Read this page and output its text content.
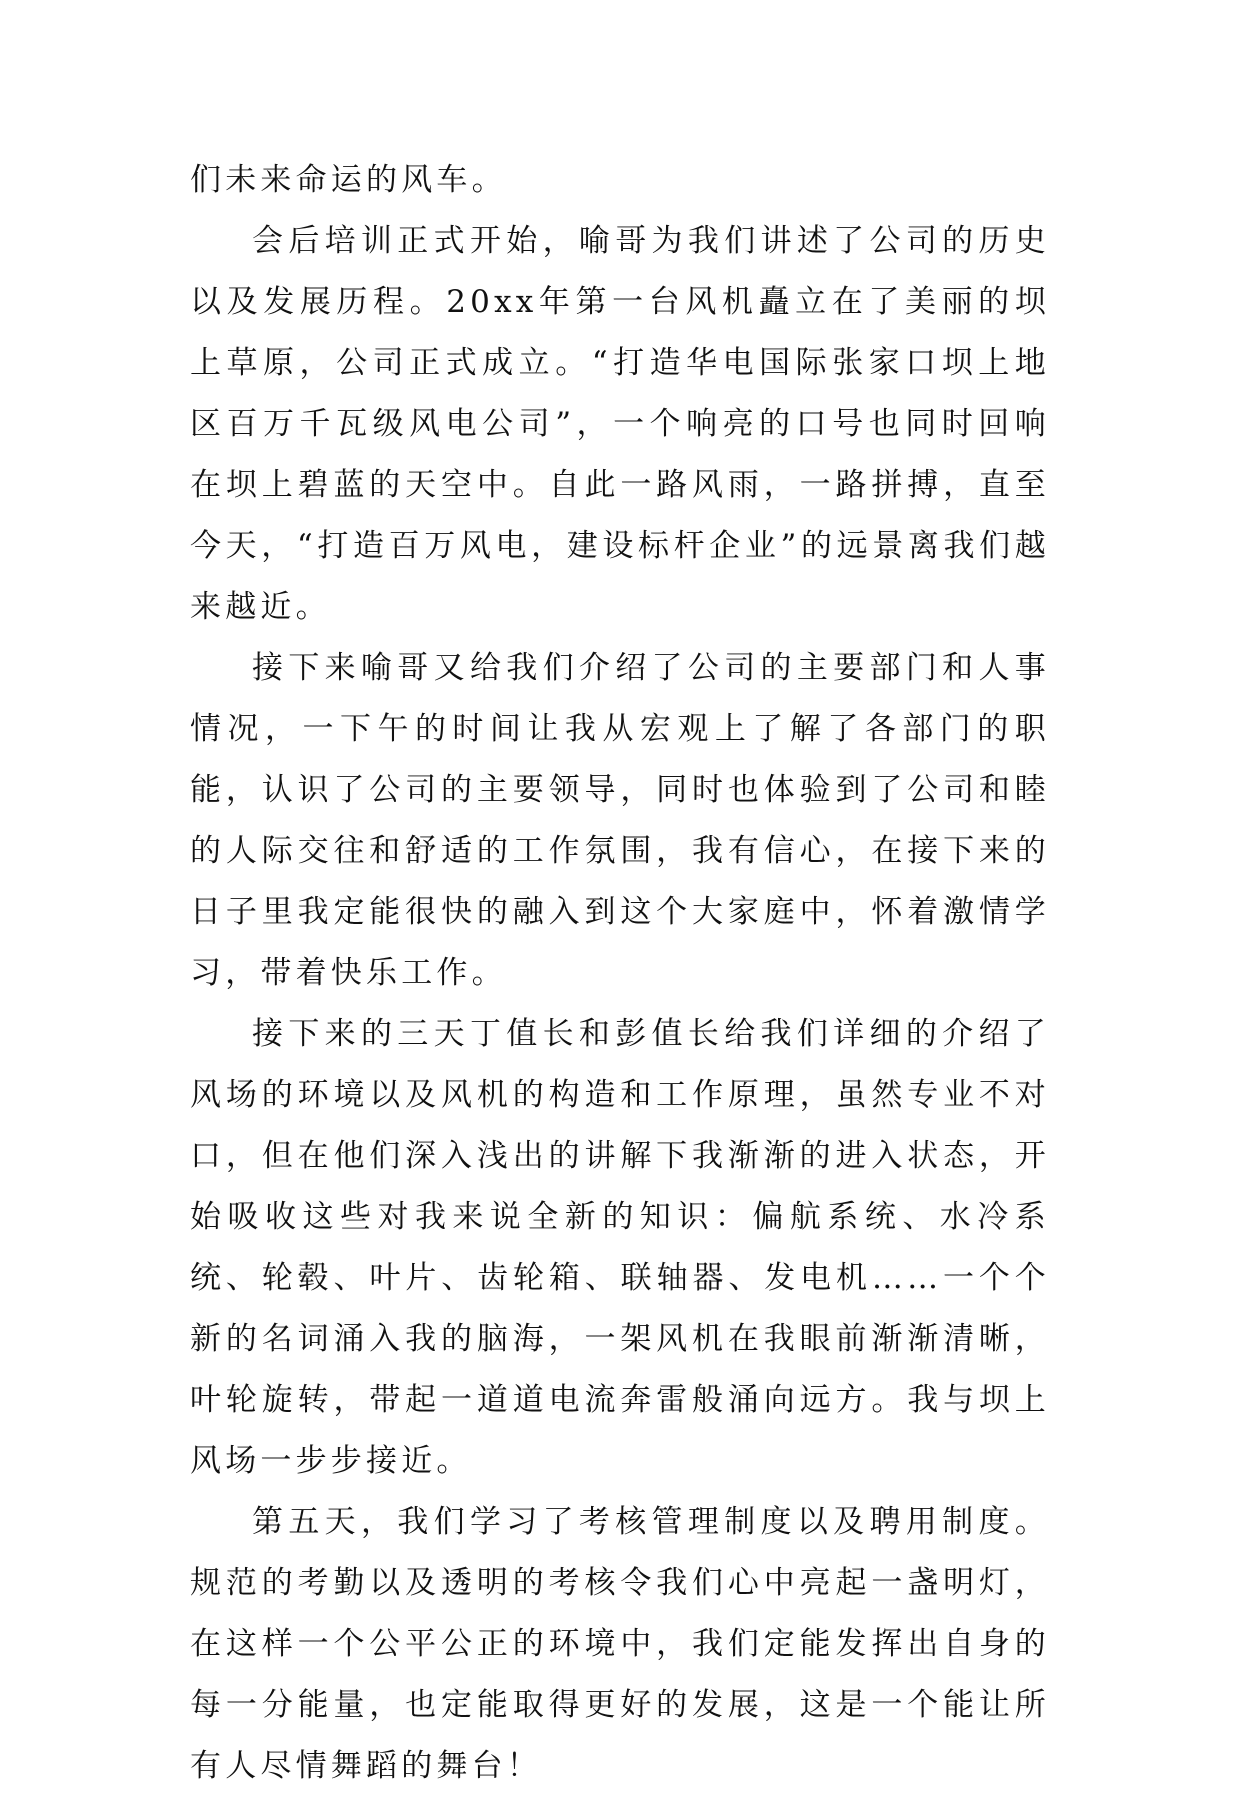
们未来命运的风车。

会后培训正式开始，喻哥为我们讲述了公司的历史以及发展历程。20xx年第一台风机矗立在了美丽的坝上草原，公司正式成立。“打造华电国际张家口坝上地区百万千瓦级风电公司”，一个响亮的口号也同时回响在坝上碧蓝的天空中。自此一路风雨，一路拼搏，直至今天，“打造百万风电，建设标杆企业”的远景离我们越来越近。

接下来喻哥又给我们介绍了公司的主要部门和人事情况，一下午的时间让我从宏观上了解了各部门的职能，认识了公司的主要领导，同时也体验到了公司和睦的人际交往和舒适的工作氛围，我有信心，在接下来的日子里我定能很快的融入到这个大家庭中，怀着激情学习，带着快乐工作。

接下来的三天丁值长和彭值长给我们详细的介绍了风场的环境以及风机的构造和工作原理，虽然专业不对口，但在他们深入浅出的讲解下我渐渐的进入状态，开始吸收这些对我来说全新的知识：偏航系统、水冷系统、轮毂、叶片、齿轮箱、联轴器、发电机……一个个新的名词涌入我的脑海，一架风机在我眼前渐渐清晰，叶轮旋转，带起一道道电流奔雷般涌向远方。我与坝上风场一步步接近。

第五天，我们学习了考核管理制度以及聘用制度。规范的考勤以及透明的考核令我们心中亮起一盏明灯，在这样一个公平公正的环境中，我们定能发挥出自身的每一分能量，也定能取得更好的发展，这是一个能让所有人尽情舞蹈的舞台！
